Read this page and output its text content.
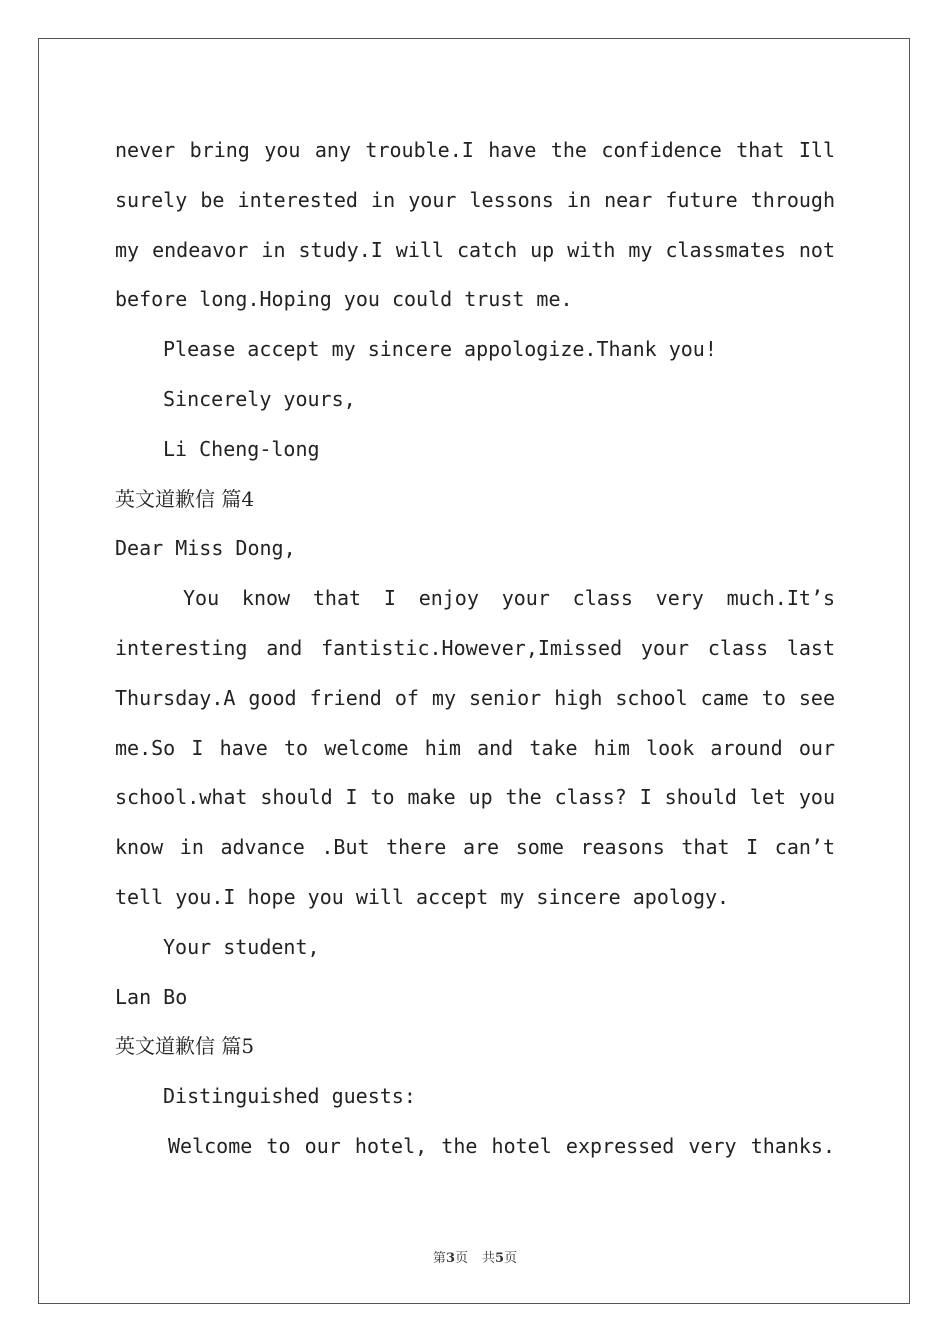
never bring you any trouble.I have the confidence that Ill
surely be interested in your lessons in near future through
my endeavor in study.I will catch up with my classmates not
before long.Hoping you could trust me.
Please accept my sincere appologize.Thank you!
Sincerely yours,
Li Cheng-long
英文道歉信 篇4
Dear Miss Dong,
You know that I enjoy your class very much.It’s
interesting and fantistic.However,Imissed your class last
Thursday.A good friend of my senior high school came to see
me.So I have to welcome him and take him look around our
school.what should I to make up the class? I should let you
know in advance .But there are some reasons that I can’t
tell you.I hope you will accept my sincere apology.
Your student,
Lan Bo
英文道歉信 篇5
Distinguished guests:
Welcome to our hotel, the hotel expressed very thanks.
第3页 共5页
